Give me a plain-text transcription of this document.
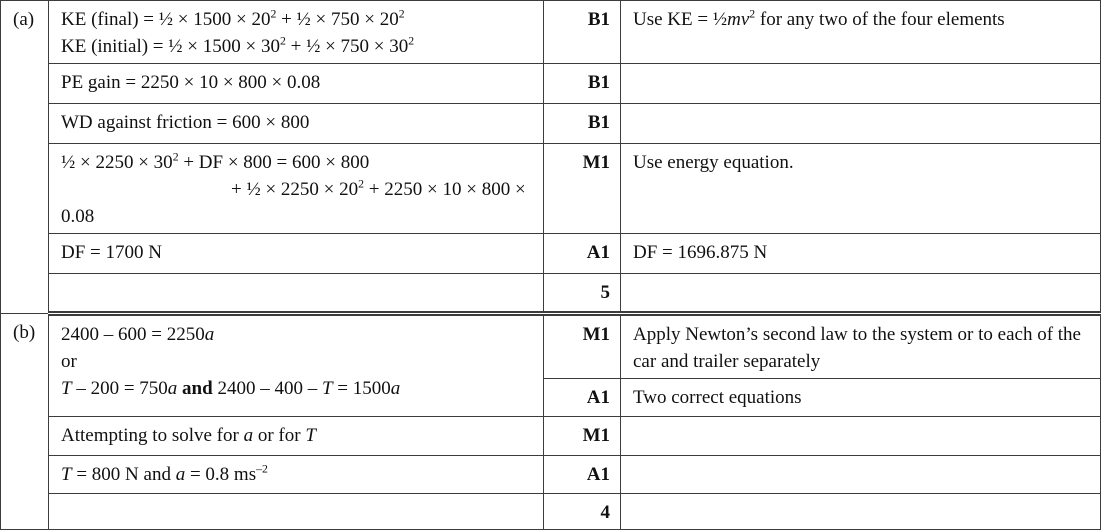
(a)	KE (final) = ½ × $1500 \times 20^2$ + ½ × $750 \times 20^2$
KE (initial) = ½ × $1500 \times 30^2$ + ½ × $750 \times 30^2$	B1	Use KE = $\frac{1}{2}mv^2$ for any two of the four elements
	PE gain = 2250 × 10 × 800 × 0.08	B1	
	WD against friction = 600 × 800	B1	
	½ × $2250 \times 30^2$ + DF × 800 = 600 × 800
+ ½ × $2250 \times 20^2 + 2250 \times 10 \times 800 \times 0.08$	M1	Use energy equation.
	DF = 1700 N	A1	DF = 1696.875 N
		5	
(b)	2400 – 600 = 2250a
or
T – 200 = 750a and 2400 – 400 – T = 1500a	M1	Apply Newton’s second law to the system or to each of the car and trailer separately
		A1	Two correct equations
	Attempting to solve for a or for T	M1	
	T = 800 N and a = 0.8 $ms^{-2}$	A1	
		4	
